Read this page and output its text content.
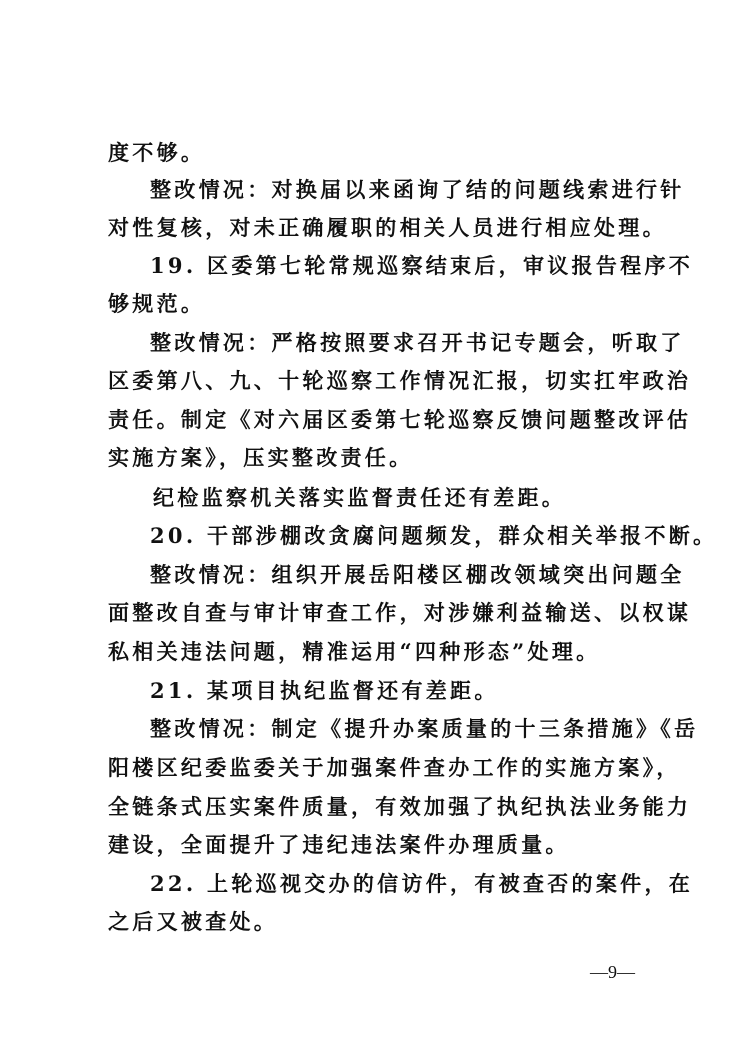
度不够。
整改情况：对换届以来函询了结的问题线索进行针
对性复核，对未正确履职的相关人员进行相应处理。
19. 区委第七轮常规巡察结束后，审议报告程序不
够规范。
整改情况：严格按照要求召开书记专题会，听取了
区委第八、九、十轮巡察工作情况汇报，切实扛牢政治
责任。制定《对六届区委第七轮巡察反馈问题整改评估
实施方案》，压实整改责任。
纪检监察机关落实监督责任还有差距。
20. 干部涉棚改贪腐问题频发，群众相关举报不断。
整改情况：组织开展岳阳楼区棚改领域突出问题全
面整改自查与审计审查工作，对涉嫌利益输送、以权谋
私相关违法问题，精准运用“四种形态”处理。
21. 某项目执纪监督还有差距。
整改情况：制定《提升办案质量的十三条措施》《岳
阳楼区纪委监委关于加强案件查办工作的实施方案》，
全链条式压实案件质量，有效加强了执纪执法业务能力
建设，全面提升了违纪违法案件办理质量。
22. 上轮巡视交办的信访件，有被查否的案件，在
之后又被查处。
—9—
